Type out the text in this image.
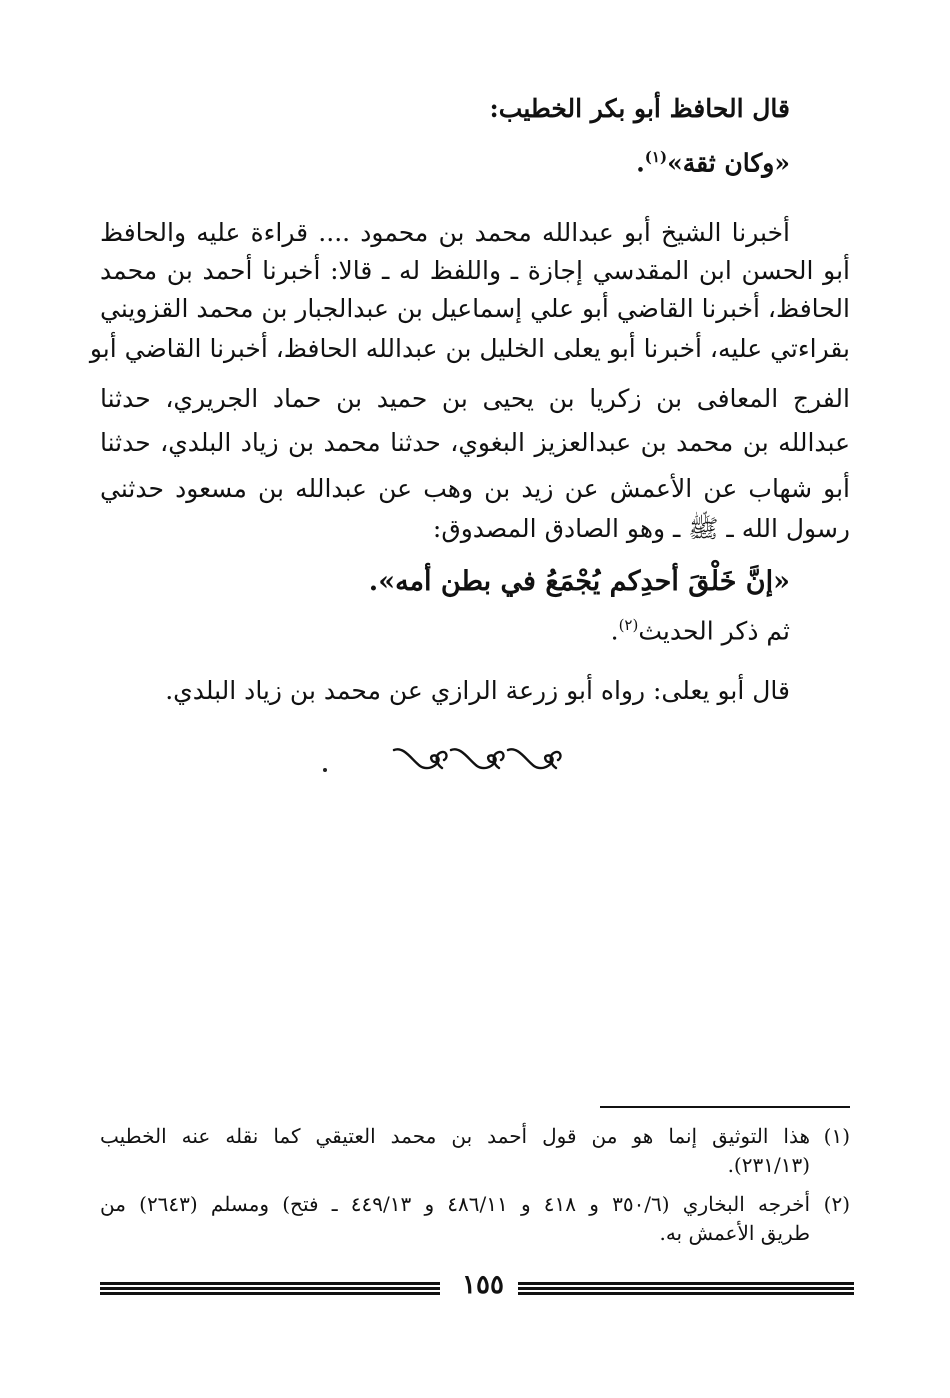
قال الحافظ أبو بكر الخطيب:
«وكان ثقة»$^{(١)}$.
أخبرنا الشيخ أبو عبدالله محمد بن محمود .... قراءة عليه والحافظ
أبو الحسن ابن المقدسي إجازة ـ واللفظ له ـ قالا: أخبرنا أحمد بن محمد
الحافظ، أخبرنا القاضي أبو علي إسماعيل بن عبدالجبار بن محمد القزويني
بقراءتي عليه، أخبرنا أبو يعلى الخليل بن عبدالله الحافظ، أخبرنا القاضي أبو
الفرج المعافى بن زكريا بن يحيى بن حميد بن حماد الجريري، حدثنا
عبدالله بن محمد بن عبدالعزيز البغوي، حدثنا محمد بن زياد البلدي، حدثنا
أبو شهاب عن الأعمش عن زيد بن وهب عن عبدالله بن مسعود حدثني
رسول الله ـ ﷺ ـ وهو الصادق المصدوق:
«إنَّ خَلْقَ أحدِكم يُجْمَعُ في بطن أمه».
ثم ذكر الحديث$^{(٢)}$.
قال أبو يعلى: رواه أبو زرعة الرازي عن محمد بن زياد البلدي.
(١)
هذا التوثيق إنما هو من قول أحمد بن محمد العتيقي كما نقله عنه الخطيب
(٢٣١/١٣).
(٢)
أخرجه البخاري (٣٥٠/٦ و ٤١٨ و ٤٨٦/١١ و ٤٤٩/١٣ ـ فتح) ومسلم (٢٦٤٣) من
طريق الأعمش به.
١٥٥
